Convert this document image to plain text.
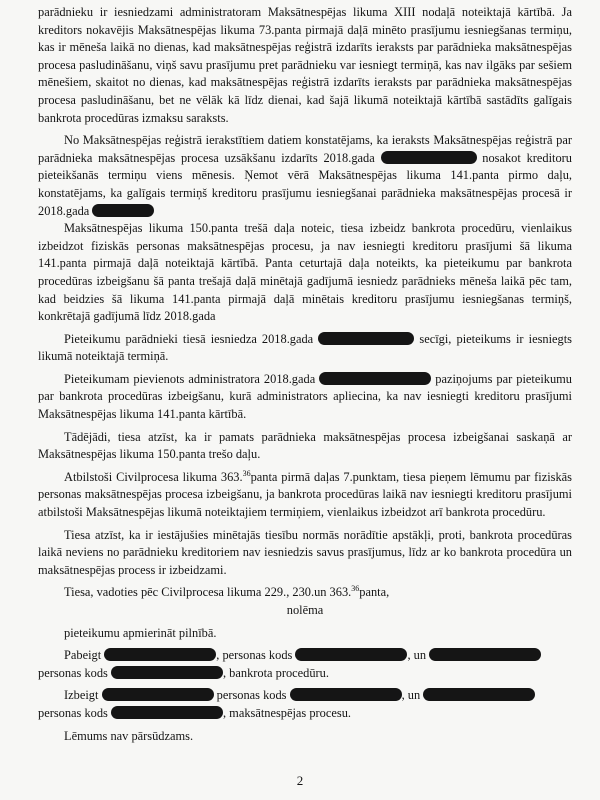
parādnieku ir iesniedzami administratoram Maksātnespējas likuma XIII nodaļā noteiktajā kārtībā. Ja kreditors nokavējis Maksātnespējas likuma 73.panta pirmajā daļā minēto prasījumu iesniegšanas termiņu, kas ir mēneša laikā no dienas, kad maksātnespējas reģistrā izdarīts ieraksts par parādnieka maksātnespējas procesa pasludināšanu, viņš savu prasījumu pret parādnieku var iesniegt termiņā, kas nav ilgāks par sešiem mēnešiem, skaitot no dienas, kad maksātnespējas reģistrā izdarīts ieraksts par parādnieka maksātnespējas procesa pasludināšanu, bet ne vēlāk kā līdz dienai, kad šajā likumā noteiktajā kārtībā sastādīts galīgais bankrota procedūras izmaksu saraksts.

No Maksātnespējas reģistrā ierakstītiem datiem konstatējams, ka ieraksts Maksātnespējas reģistrā par parādnieka maksātnespējas procesa uzsākšanu izdarīts 2018.gada	nosakot kreditoru pieteikšanās termiņu viens mēnesis. Ņemot vērā Maksātnespējas likuma 141.panta pirmo daļu, konstatējams, ka galīgais termiņš kreditoru prasījumu iesniegšanai parādnieka maksātnespējas procesā ir 2018.gada

Maksātnespējas likuma 150.panta trešā daļa noteic, tiesa izbeidz bankrota procedūru, vienlaikus izbeidzot fiziskās personas maksātnespējas procesu, ja nav iesniegti kreditoru prasījumi šā likuma 141.panta pirmajā daļā noteiktajā kārtībā. Panta ceturtajā daļa noteikts, ka pieteikumu par bankrota procedūras izbeigšanu šā panta trešajā daļā minētajā gadījumā iesniedz parādnieks mēneša laikā pēc tam, kad beidzies šā likuma 141.panta pirmajā daļā minētais kreditoru prasījumu iesniegšanas termiņš, konkrētajā gadījumā līdz 2018.gada

Pieteikumu parādnieki tiesā iesniedza 2018.gada	secīgi, pieteikums ir iesniegts likumā noteiktajā termiņā.

Pieteikumam pievienots administratora 2018.gada	paziņojums par pieteikumu par bankrota procedūras izbeigšanu, kurā administrators apliecina, ka nav iesniegti kreditoru prasījumi Maksātnespējas likuma 141.panta kārtībā.

Tādējādi, tiesa atzīst, ka ir pamats parādnieka maksātnespējas procesa izbeigšanai saskaņā ar Maksātnespējas likuma 150.panta trešo daļu.

Atbilstoši Civilprocesa likuma 363.36panta pirmā daļas 7.punktam, tiesa pieņem lēmumu par fiziskās personas maksātnespējas procesa izbeigšanu, ja bankrota procedūras laikā nav iesniegti kreditoru prasījumi atbilstoši Maksātnespējas likumā noteiktajiem termiņiem, vienlaikus izbeidzot arī bankrota procedūru.

Tiesa atzīst, ka ir iestājušies minētajās tiesību normās norādītie apstākļi, proti, bankrota procedūras laikā neviens no parādnieku kreditoriem nav iesniedzis savus prasījumus, līdz ar ko bankrota procedūra un maksātnespējas process ir izbeidzami.

Tiesa, vadoties pēc Civilprocesa likuma 229., 230.un 363.36panta,

nolēma

pieteikumu apmierināt pilnībā.

Pabeigt	, personas kods	, un

personas kods	, bankrota procedūru.

Izbeigt	personas kods	, un

personas kods	, maksātnespējas procesu.

Lēmums nav pārsūdzams.

2
